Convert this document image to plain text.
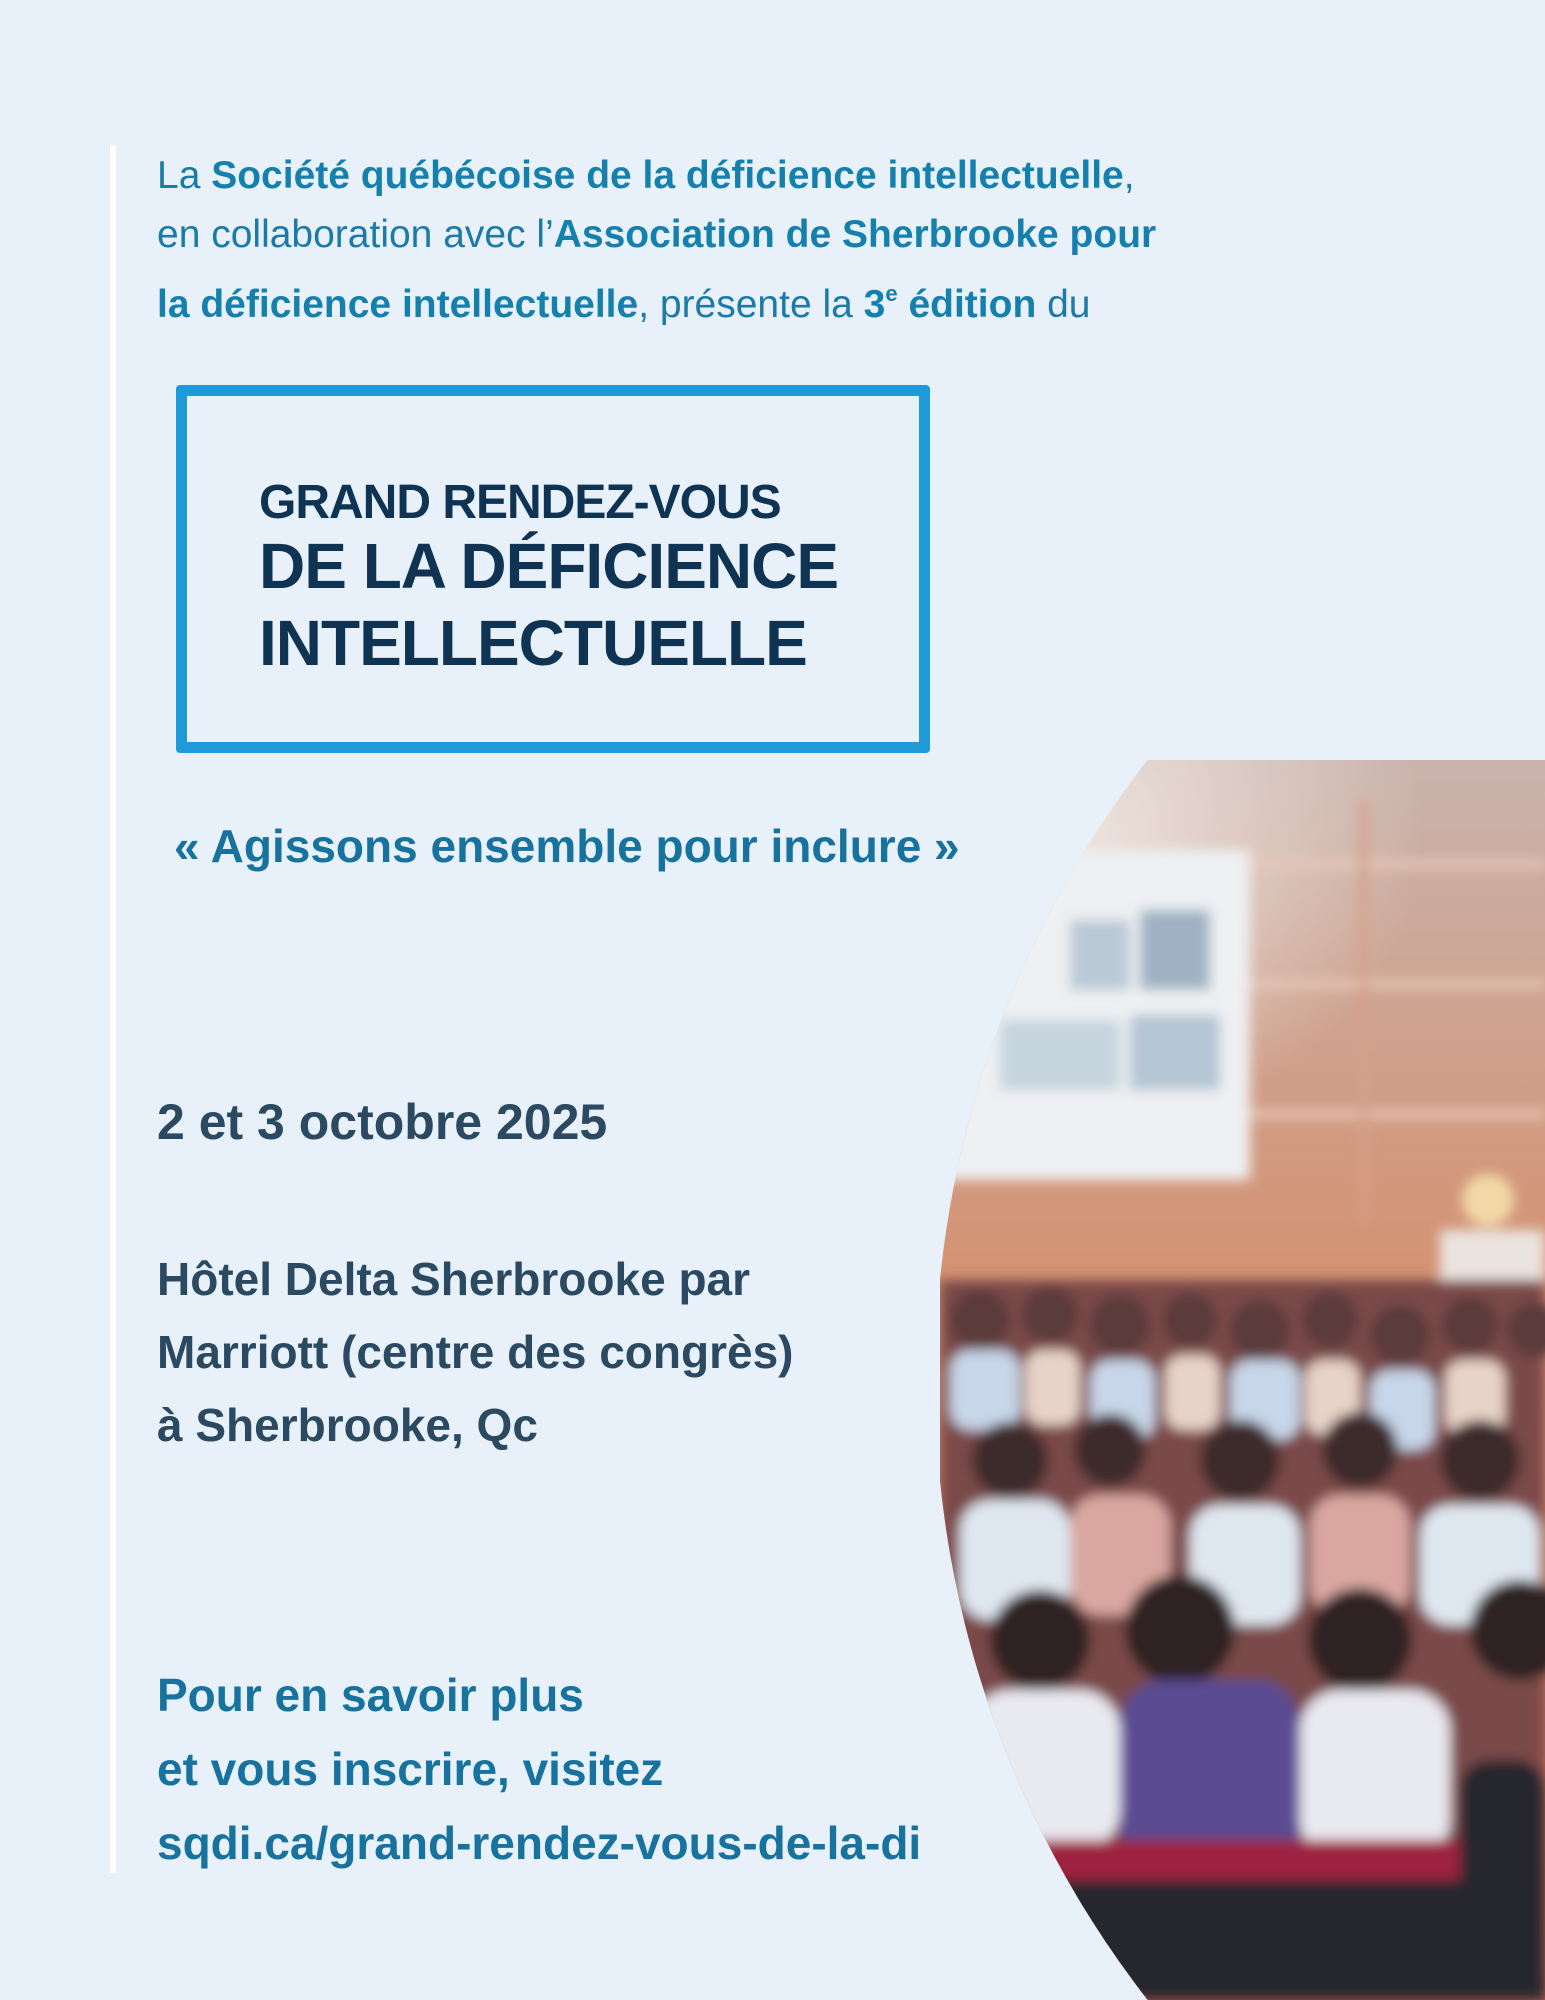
La Société québécoise de la déficience intellectuelle,
en collaboration avec l’Association de Sherbrooke pour
la déficience intellectuelle, présente la 3e édition du
GRAND RENDEZ-VOUS
DE LA DÉFICIENCE
INTELLECTUELLE
« Agissons ensemble pour inclure »
2 et 3 octobre 2025
Hôtel Delta Sherbrooke par
Marriott (centre des congrès)
à Sherbrooke, Qc
Pour en savoir plus
et vous inscrire, visitez
sqdi.ca/grand-rendez-vous-de-la-di
